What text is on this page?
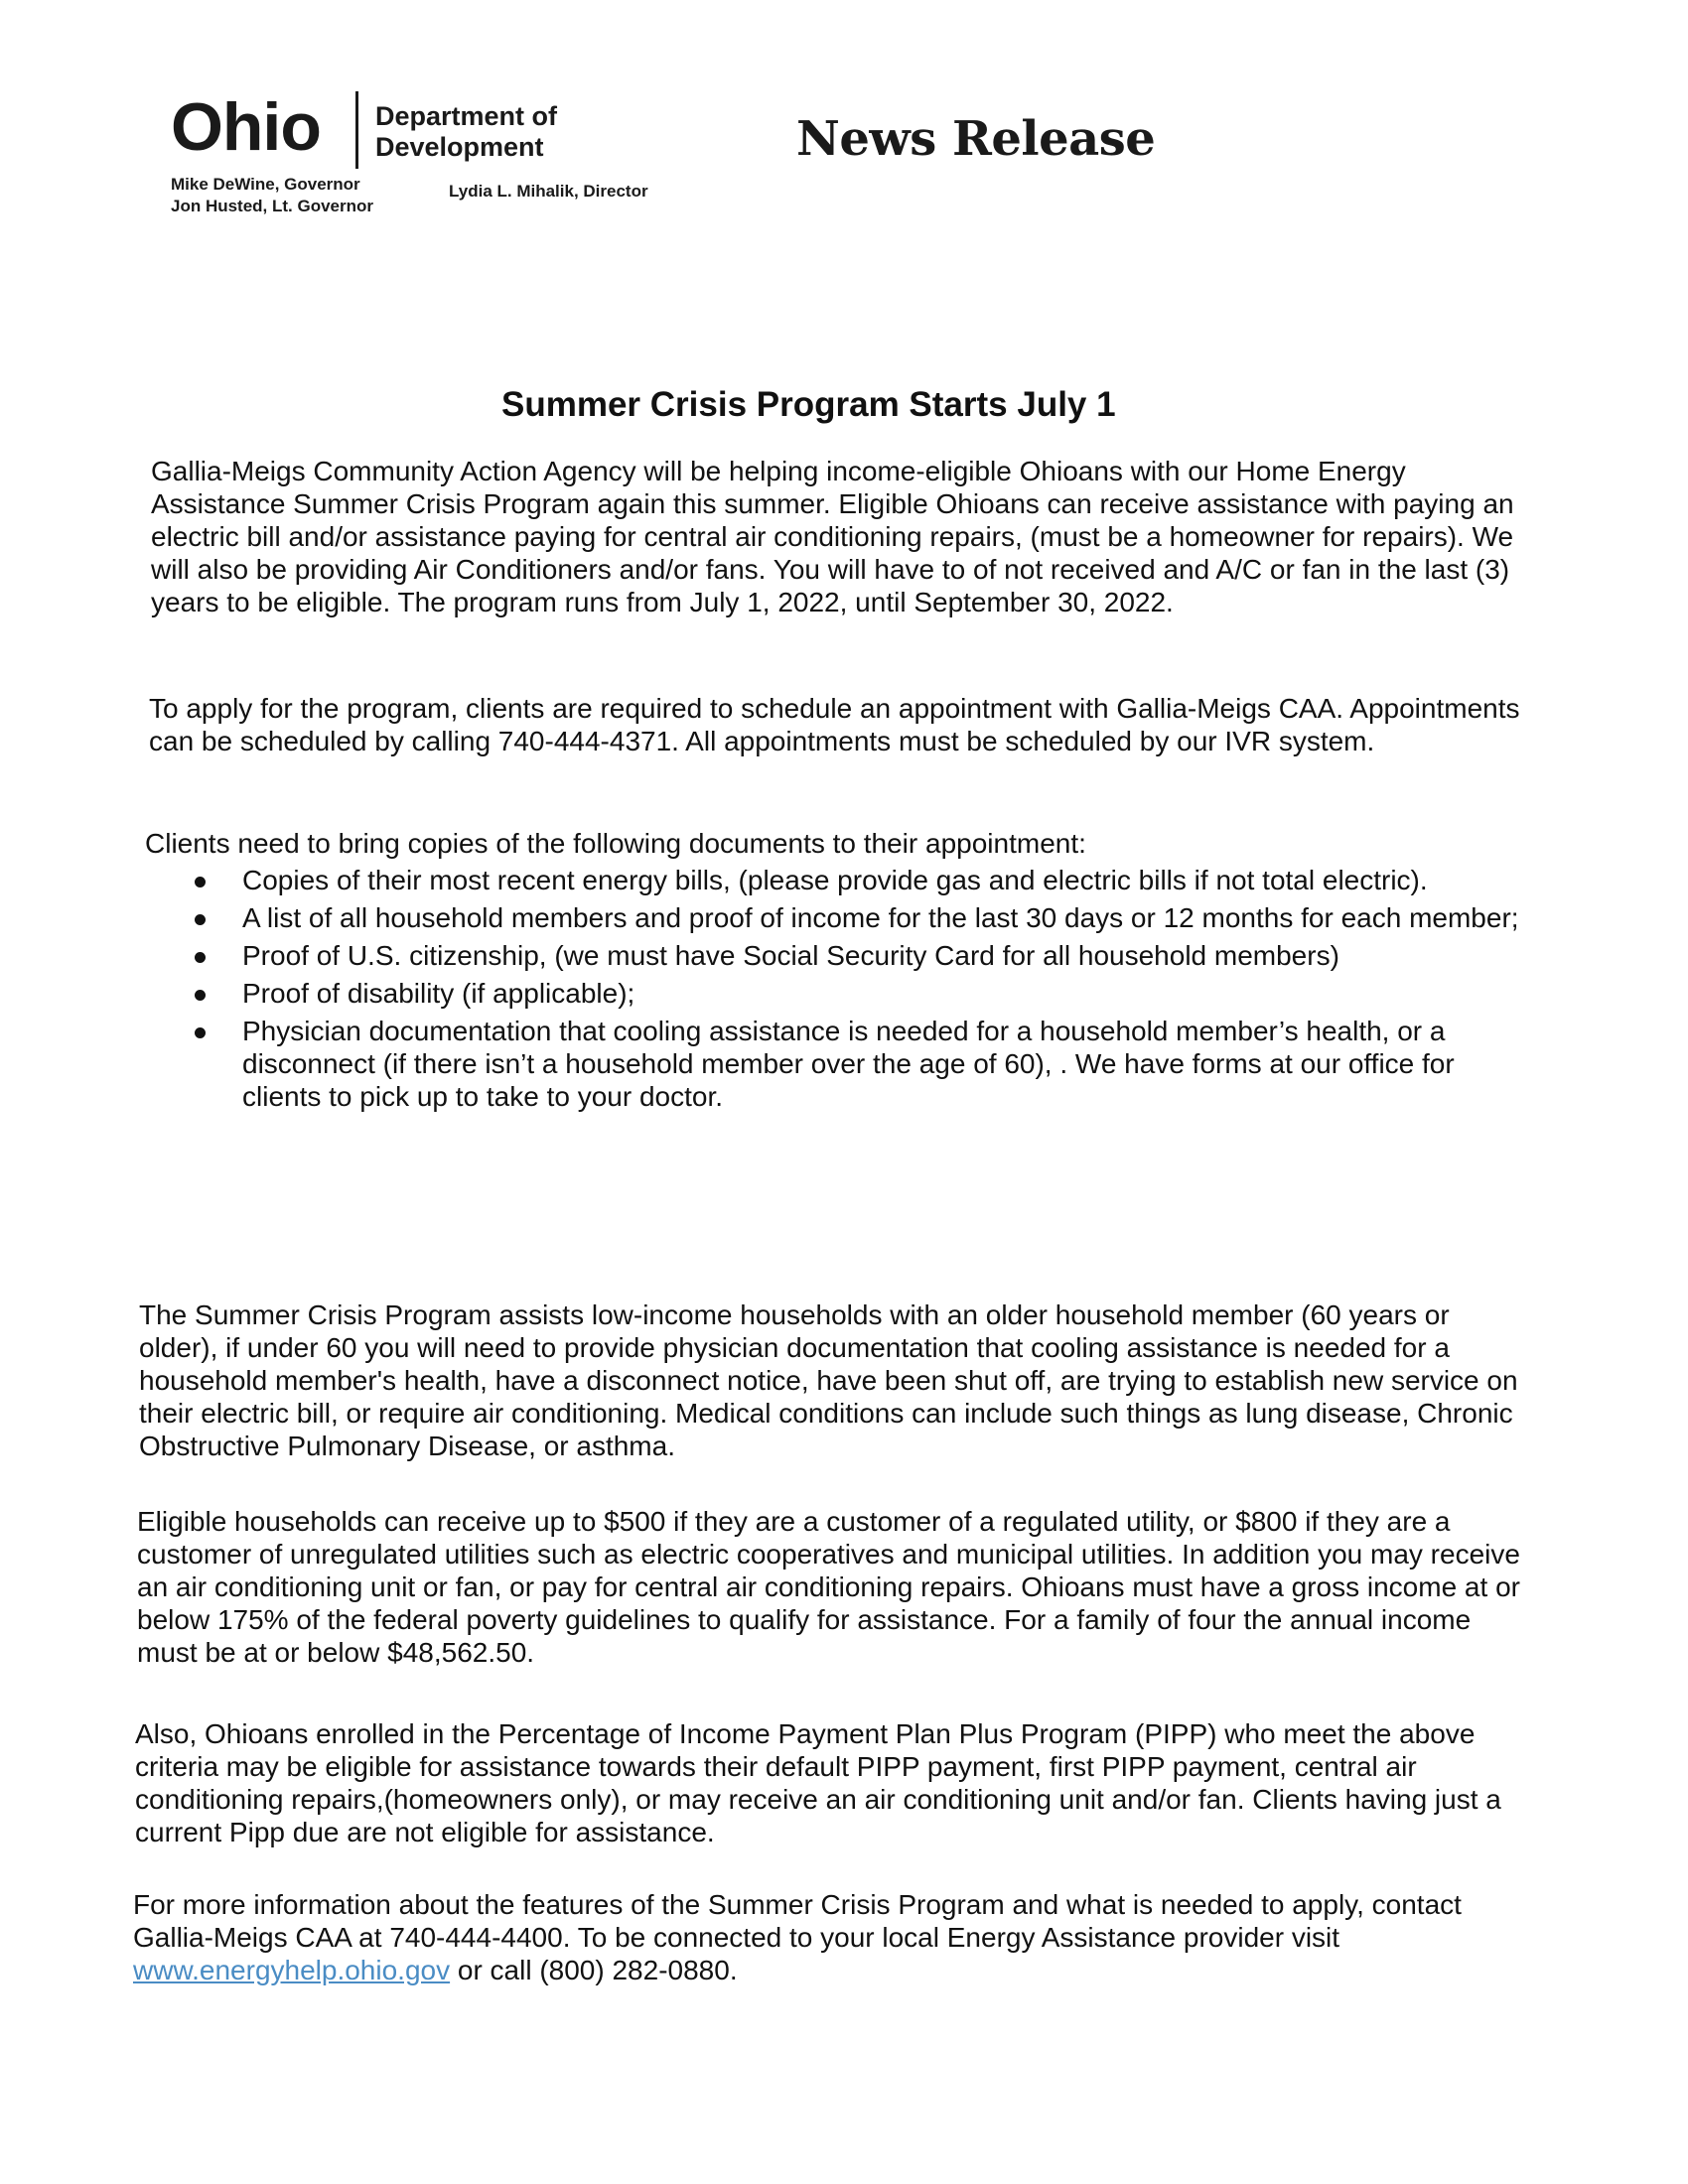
Ohio Department of Development
Mike DeWine, Governor
Jon Husted, Lt. Governor
Lydia L. Mihalik, Director
News Release
Summer Crisis Program Starts July 1

Gallia-Meigs Community Action Agency will be helping income-eligible Ohioans with our Home Energy Assistance Summer Crisis Program again this summer. Eligible Ohioans can receive assistance with paying an electric bill and/or assistance paying for central air conditioning repairs, (must be a homeowner for repairs). We will also be providing Air Conditioners and/or fans. You will have to of not received and A/C or fan in the last (3) years to be eligible. The program runs from July 1, 2022, until September 30, 2022.

To apply for the program, clients are required to schedule an appointment with Gallia-Meigs CAA. Appointments can be scheduled by calling 740-444-4371. All appointments must be scheduled by our IVR system.

Clients need to bring copies of the following documents to their appointment:

Copies of their most recent energy bills, (please provide gas and electric bills if not total electric).
A list of all household members and proof of income for the last 30 days or 12 months for each member;
Proof of U.S. citizenship, (we must have Social Security Card for all household members)
Proof of disability (if applicable);
Physician documentation that cooling assistance is needed for a household member’s health, or a disconnect (if there isn’t a household member over the age of 60), . We have forms at our office for clients to pick up to take to your doctor.

The Summer Crisis Program assists low-income households with an older household member (60 years or older), if under 60 you will need to provide physician documentation that cooling assistance is needed for a household member's health, have a disconnect notice, have been shut off, are trying to establish new service on their electric bill, or require air conditioning. Medical conditions can include such things as lung disease, Chronic Obstructive Pulmonary Disease, or asthma.

Eligible households can receive up to $500 if they are a customer of a regulated utility, or $800 if they are a customer of unregulated utilities such as electric cooperatives and municipal utilities. In addition you may receive an air conditioning unit or fan, or pay for central air conditioning repairs. Ohioans must have a gross income at or below 175% of the federal poverty guidelines to qualify for assistance. For a family of four the annual income must be at or below $48,562.50.

Also, Ohioans enrolled in the Percentage of Income Payment Plan Plus Program (PIPP) who meet the above criteria may be eligible for assistance towards their default PIPP payment, first PIPP payment, central air conditioning repairs,(homeowners only), or may receive an air conditioning unit and/or fan. Clients having just a current Pipp due are not eligible for assistance.

For more information about the features of the Summer Crisis Program and what is needed to apply, contact Gallia-Meigs CAA at 740-444-4400. To be connected to your local Energy Assistance provider visit www.energyhelp.ohio.gov or call (800) 282-0880.
